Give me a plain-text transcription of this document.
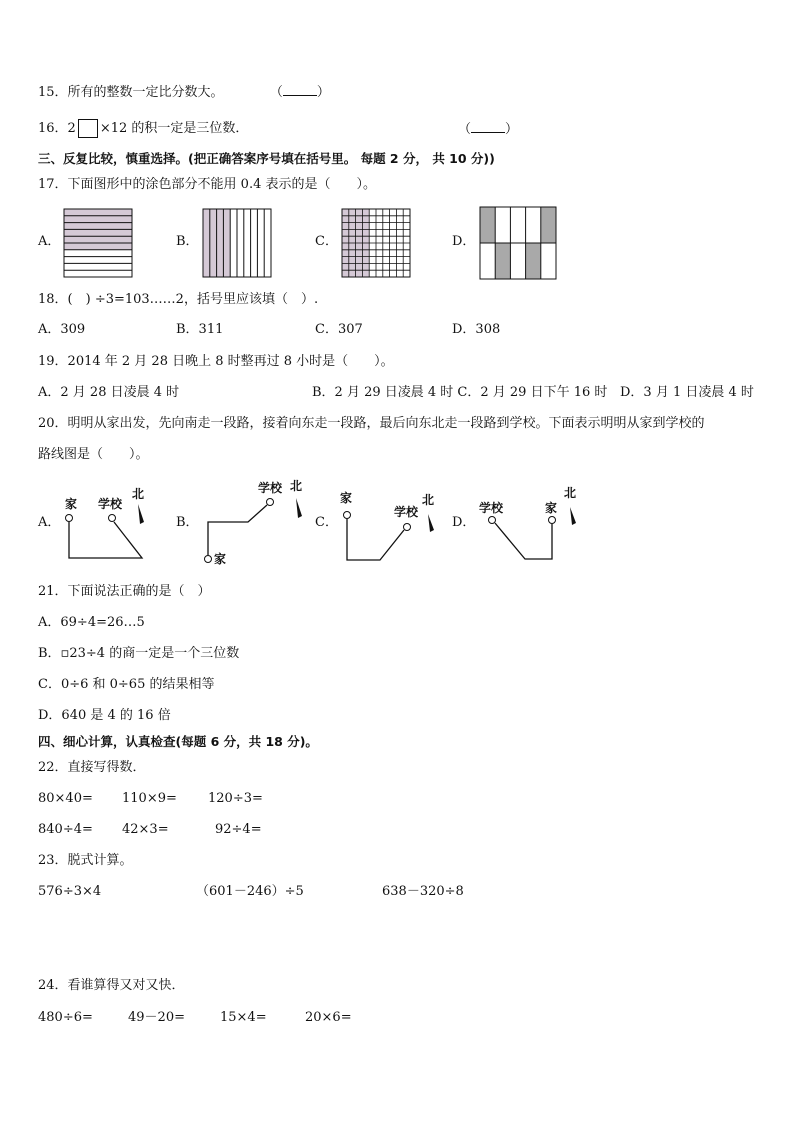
15．所有的整数一定比分数大。	（	）
16．2 ×12 的积一定是三位数．	（	）
三、反复比较，慎重选择。(把正确答案序号填在括号里。 每题 2 分， 共 10 分))
17．下面图形中的涂色部分不能用 0.4 表示的是（　　）。
A．	B．	C．	D．
18．(　) ÷3=103……2，括号里应该填（　）.
A．309	B．311	C．307	D．308
19．2014 年 2 月 28 日晚上 8 时整再过 8 小时是（　　）。
A．2 月 28 日凌晨 4 时	B．2 月 29 日凌晨 4 时 C．2 月 29 日下午 16 时 D．3 月 1 日凌晨 4 时
20．明明从家出发，先向南走一段路，接着向东走一段路，最后向东北走一段路到学校。下面表示明明从家到学校的
路线图是（　　）。
A．	B．	C．	D．
家 学校
北	学校 北
家
家
学校
北
学校	家
北
21．下面说法正确的是（　）
A．69÷4=26…5
B．▫23÷4 的商一定是一个三位数
C．0÷6 和 0÷65 的结果相等
D．640 是 4 的 16 倍
四、细心计算，认真检查(每题 6 分，共 18 分)。
22．直接写得数．
80×40= 110×9= 120÷3=
840÷4= 42×3=	92÷4=
23．脱式计算。
576÷3×4	（601－246）÷5	638－320÷8
24．看谁算得又对又快．
480÷6=	49－20=	15×4=	20×6=
